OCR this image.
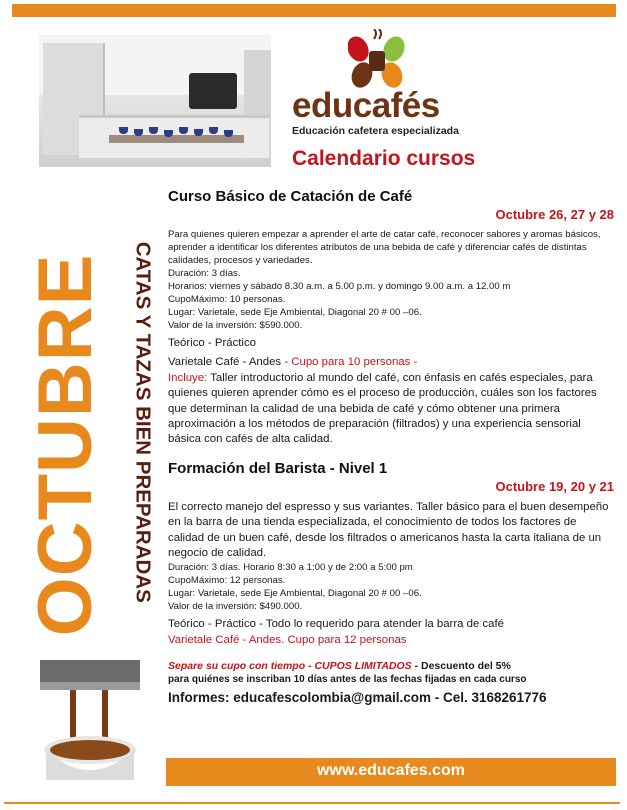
educafés
Educación cafetera especializada
Calendario cursos
OCTUBRE CATAS Y TAZAS BIEN PREPARADAS

Curso Básico de Catación de Café

Octubre 26, 27 y 28

Para quienes quieren empezar a aprender el arte de catar café, reconocer sabores y aromas básicos, aprender a identificar los diferentes atributos de una bebida de café y diferenciar cafés de distintas calidades, procesos y variedades.

Duración: 3 días.

Horarios: viernes y sábado 8.30 a.m. a 5.00 p.m. y domingo 9.00 a.m. a 12.00 m

CupoMáximo: 10 personas.

Lugar: Varietale, sede Eje Ambiental, Diagonal 20 # 00 –06.

Valor de la inversión: $590.000.

Teórico - Práctico

Varietale Café - Andes - Cupo para 10 personas -

Incluye: Taller introductorio al mundo del café, con énfasis en cafés especiales, para quienes quieren aprender cómo es el proceso de producción, cuáles son los factores que determinan la calidad de una bebida de café y cómo obtener una primera aproximación a los métodos de preparación (filtrados) y una experiencia sensorial básica con cafés de alta calidad.

Formación del Barista - Nivel 1

Octubre 19, 20 y 21

El correcto manejo del espresso y sus variantes. Taller básico para el buen desempeño en la barra de una tienda especializada, el conocimiento de todos los factores de calidad de un buen café, desde los filtrados o americanos hasta la carta italiana de un negocio de calidad.

Duración: 3 días. Horario 8:30 a 1:00 y de 2:00 a 5:00 pm

CupoMáximo: 12 personas.

Lugar: Varietale, sede Eje Ambiental, Diagonal 20 # 00 –06.

Valor de la inversión: $490.000.

Teórico - Práctico - Todo lo requerido para atender la barra de café

Varietale Café - Andes. Cupo para 12 personas

Separe su cupo con tiempo - CUPOS LIMITADOS - Descuento del 5%

para quiénes se inscriban 10 días antes de las fechas fijadas en cada curso

Informes: educafescolombia@gmail.com - Cel. 3168261776

www.educafes.com
